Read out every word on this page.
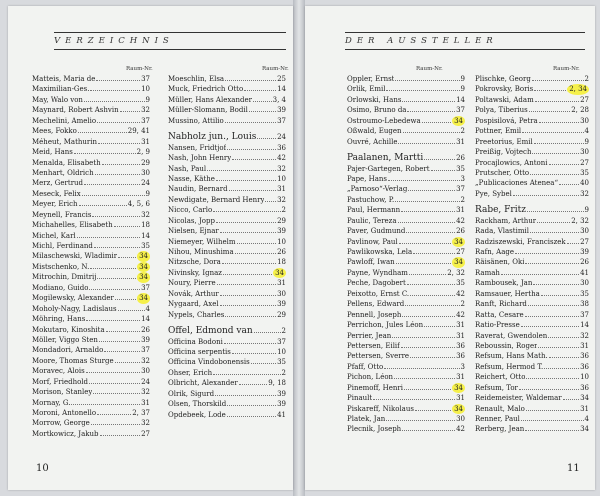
VERZEICHNIS
Raum-Nr.	Raum-Nr.
Matteis, Maria de	37
Maximilian-Ges.	10
May, Walo von	9
Maynard, Robert Ashvin	32
Mechelini, Amelio	37
Mees, Fokko	29, 41
Méheut, Mathurin	31
Meid, Hans	2, 9
Menalda, Elisabeth	29
Menhart, Oldrich	30
Merz, Gertrud	24
Meseck, Felix	9
Meyer, Erich	4, 5, 6
Meynell, Francis	32
Michahelles, Elisabeth	18
Michel, Karl	14
Michl, Ferdinand	35
Milaschewski, Wladimir	34
Mistschenko, N.	34
Mitrochin, Dmitrij	34
Modiano, Guido	37
Mogilewsky, Alexander	34
Moholy-Nagy, Ladislaus	4
Möhring, Hans	14
Mokutaro, Kinoshita	26
Möller, Viggo Sten	39
Mondadori, Arnaldo	37
Moore, Thomas Sturge	32
Moravec, Alois	30
Morf, Friedhold	24
Morison, Stanley	32
Mornay, G.	31
Moroni, Antonello	2, 37
Morrow, George	32
Mortkowicz, Jakub	27
Moeschlin, Elsa	25
Muck, Friedrich Otto	14
Müller, Hans Alexander	3, 4
Müller-Slomann, Bodil	39
Mussino, Attilio	37
Nabholz jun., Louis	24
Nansen, Fridtjof	36
Nash, John Henry	42
Nash, Paul	32
Nasse, Käthe	10
Naudin, Bernard	31
Newdigate, Bernard Henry 32
Nicco, Carlo	2
Nicolas, Jopp	29
Nielsen, Ejnar	39
Niemeyer, Wilhelm	10
Nihou, Minushima	26
Nitzsche, Dora	18
Nivinsky, Ignaz	34
Noury, Pierre	31
Novák, Arthur	30
Nygaard, Axel	39
Nypels, Charles	29
Öffel, Edmond van	2
Officina Bodoni	37
Officina serpentis	10
Officina Vindobonensis	35
Ohser, Erich	2
Olbricht, Alexander	9, 18
Olrik, Sigurd	39
Olsen, Thorskild	39
Opdebeek, Lode	41
10
DER AUSSTELLER
Raum-Nr.	Raum-Nr.
Oppler, Ernst	9
Orlik, Emil	9
Orlowski, Hans	14
Osimo, Bruno da	37
Ostroumo-Lebedewa	34
Oßwald, Eugen	2
Ouvré, Achille	31
Paalanen, Martti	26
Pajer-Gartegen, Robert	35
Pape, Hans	3
„Parnoso“-Verlag	37
Pastuchow, P.	2
Paul, Hermann	31
Paulic, Tereza	42
Paver, Gudmund	26
Pavlinow, Paul	34
Pawlikowska, Lela	27
Pawloff, Iwan	34
Payne, Wyndham	2, 32
Peche, Dagobert	35
Peixotto, Ernst C.	42
Pellens, Edward	2
Pennell, Joseph	42
Perrichon, Jules Léon	31
Perrier, Jean	31
Pettersen, Eilif	36
Pettersen, Sverre	36
Pfaff, Otto	3
Pichon, Léon	31
Pinemoff, Henri	34
Pinault	31
Piskareff, Nikolaus	34
Platek, Jan	30
Plecnik, Joseph	42
Plischke, Georg	2
Pokrovsky, Boris	2, 34
Poltawski, Adam	27
Polya, Tiberius	2, 28
Pospisilová, Petra	30
Pottner, Emil	4
Preetorius, Emil	9
Preißig, Vojtech	30
Procajlowics, Antoni	27
Prutscher, Otto	35
„Publicaciones Atenea“	40
Pye, Sybel	32
Rabe, Fritz	9
Rackham, Arthur	2, 32
Rada, Vlastimil	30
Radziszewski, Franciszek 27
Rafn, Aage	39
Räisänen, Oki	26
Ramah	41
Rambousek, Jan	30
Ramsauer, Hertha	35
Ranft, Richard	38
Ratta, Cesare	37
Ratio-Presse	14
Raverat, Gwendolen	32
Reboussin, Roger	31
Refsum, Hans Math.	36
Refsum, Hermod T.	36
Reichert, Otto	10
Refsum, Tor	36
Reidemeister, Waldemar	34
Renault, Malo	31
Renner, Paul	4
Rerberg, Jean	34
11
